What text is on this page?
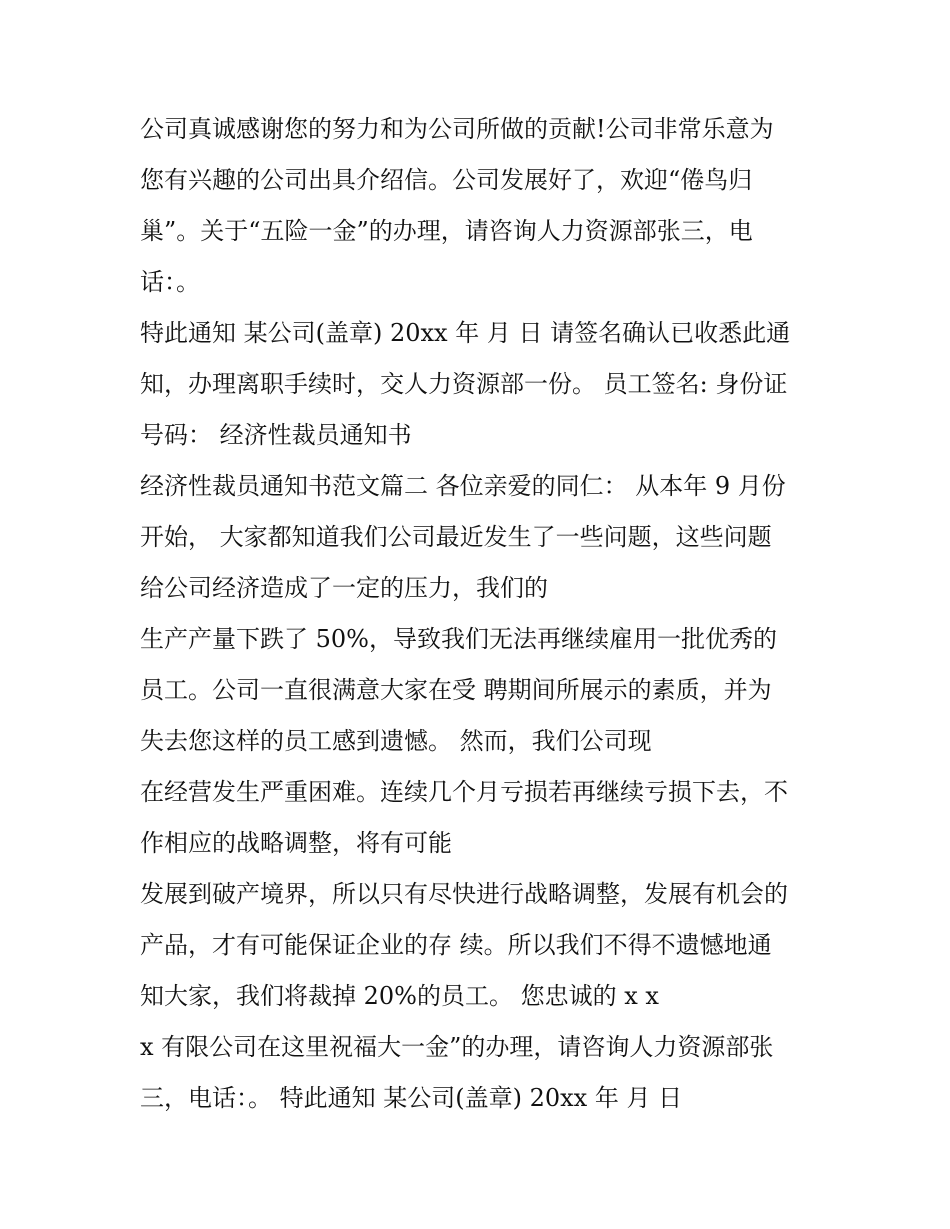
公司真诚感谢您的努力和为公司所做的贡献!公司非常乐意为
您有兴趣的公司出具介绍信。公司发展好了，欢迎“倦鸟归
巢”。关于“五险一金”的办理，请咨询人力资源部张三，电
话：。
特此通知 某公司(盖章) 20xx 年 月 日 请签名确认已收悉此通
知，办理离职手续时，交人力资源部一份。 员工签名: 身份证
号码： 经济性裁员通知书
经济性裁员通知书范文篇二 各位亲爱的同仁： 从本年 9 月份
开始， 大家都知道我们公司最近发生了一些问题，这些问题
给公司经济造成了一定的压力，我们的
生产产量下跌了 50%，导致我们无法再继续雇用一批优秀的
员工。公司一直很满意大家在受 聘期间所展示的素质，并为
失去您这样的员工感到遗憾。 然而，我们公司现
在经营发生严重困难。连续几个月亏损若再继续亏损下去，不
作相应的战略调整，将有可能
发展到破产境界，所以只有尽快进行战略调整，发展有机会的
产品，才有可能保证企业的存 续。所以我们不得不遗憾地通
知大家，我们将裁掉 20%的员工。 您忠诚的 x x
x 有限公司在这里祝福大一金”的办理，请咨询人力资源部张
三，电话：。 特此通知 某公司(盖章) 20xx 年 月 日
